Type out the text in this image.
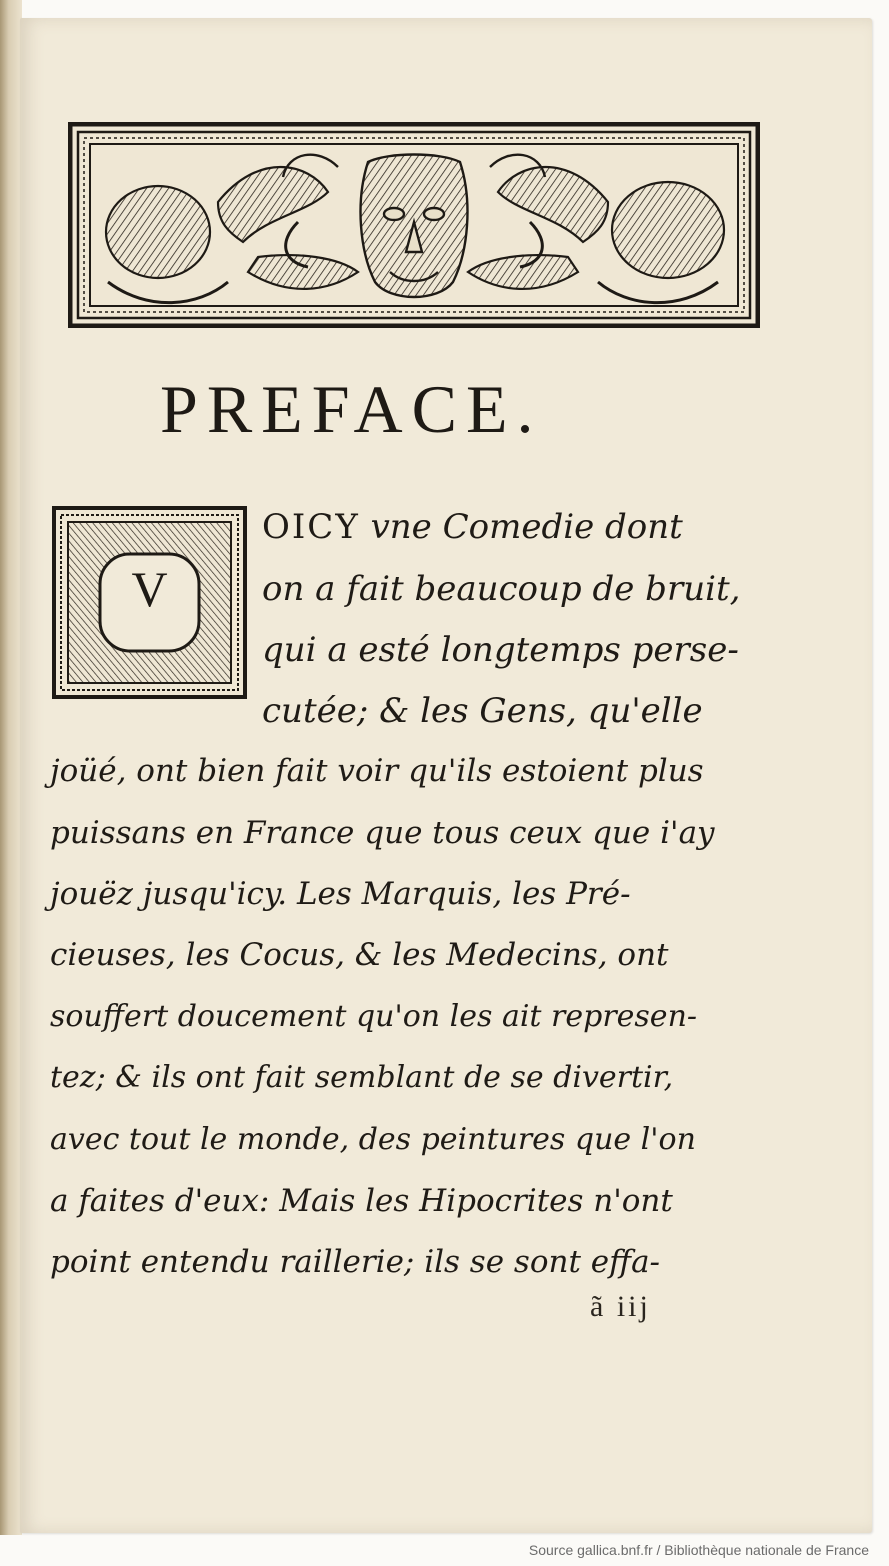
PREFACE.
V
OICY vne Comedie dont
on a fait beaucoup de bruit,
qui a esté longtemps perse-
cutée; & les Gens, qu'elle
joüé, ont bien fait voir qu'ils estoient plus
puissans en France que tous ceux que i'ay
jouëz jusqu'icy. Les Marquis, les Pré-
cieuses, les Cocus, & les Medecins, ont
souffert doucement qu'on les ait represen-
tez; & ils ont fait semblant de se divertir,
avec tout le monde, des peintures que l'on
a faites d'eux: Mais les Hipocrites n'ont
point entendu raillerie; ils se sont effa-
ã iij
Source gallica.bnf.fr / Bibliothèque nationale de France
